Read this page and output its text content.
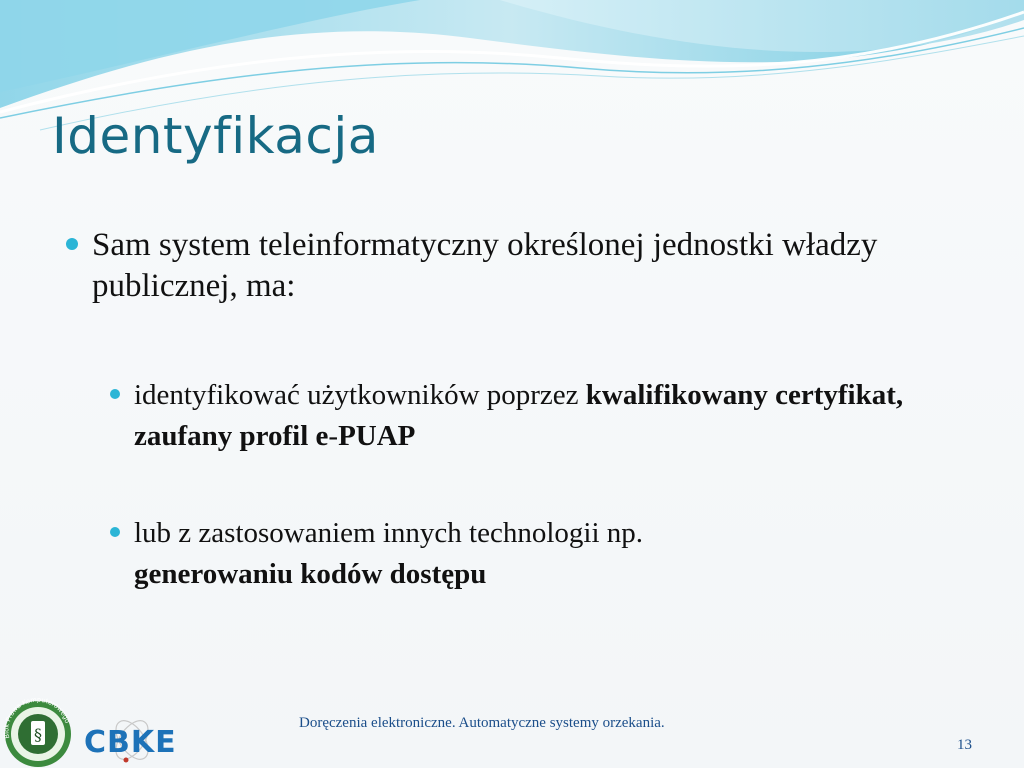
Identyfikacja
Sam system teleinformatyczny określonej jednostki władzy publicznej, ma:
identyfikować użytkowników poprzez kwalifikowany certyfikat, zaufany profil e-PUAP
lub z zastosowaniem innych technologii np.
generowaniu kodów dostępu
§
Blok Prawa Komputerowego
CBKE
Doręczenia elektroniczne. Automatyczne systemy orzekania.
13
